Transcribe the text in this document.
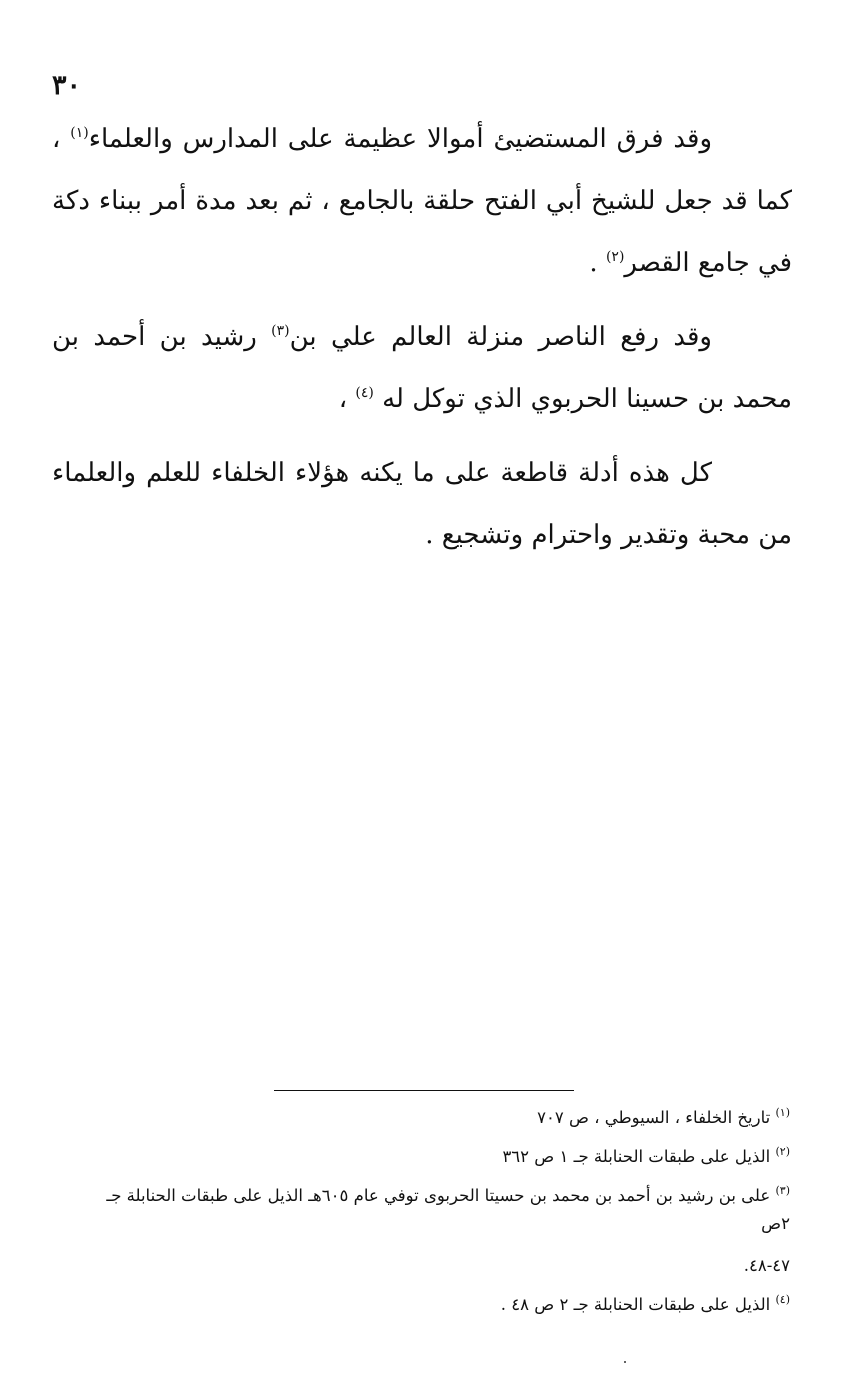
٣٠

وقد فرق المستضيئ أموالا عظيمة على المدارس والعلماء$^{(١)}$ ، كما قد جعل للشيخ أبي الفتح حلقة بالجامع ، ثم بعد مدة أمر ببناء دكة في جامع القصر$^{(٢)}$ .

وقد رفع الناصر منزلة العالم علي بن$^{(٣)}$ رشيد بن أحمد بن محمد بن حسينا الحربوي الذي توكل له $^{(٤)}$ ،

كل هذه أدلة قاطعة على ما يكنه هؤلاء الخلفاء للعلم والعلماء من محبة وتقدير واحترام وتشجيع .

$^{(١)}$ تاريخ الخلفاء ، السيوطي ، ص ٧٠٧
$^{(٢)}$ الذيل على طبقات الحنابلة جـ ١ ص ٣٦٢
$^{(٣)}$ على بن رشيد بن أحمد بن محمد بن حسيتا الحربوى توفي عام ٦٠٥هـ الذيل على طبقات الحنابلة جـ ٢ص
٤٧-٤٨.
$^{(٤)}$ الذيل على طبقات الحنابلة جـ ٢ ص ٤٨ .
